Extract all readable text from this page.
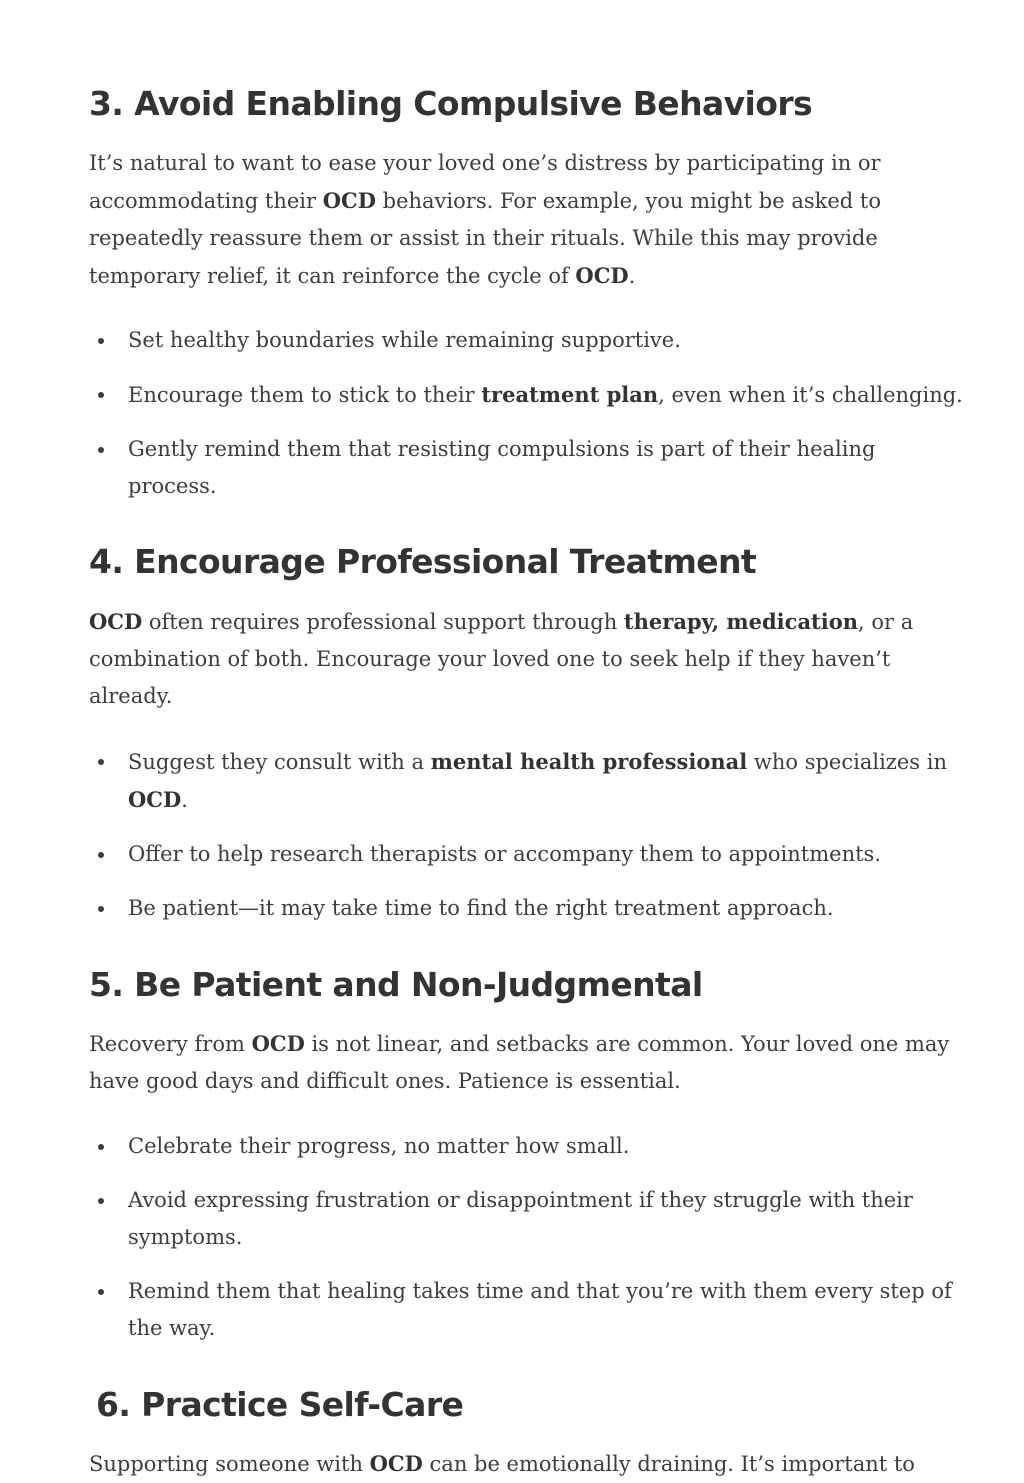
3. Avoid Enabling Compulsive Behaviors

It’s natural to want to ease your loved one’s distress by participating in or accommodating their OCD behaviors. For example, you might be asked to repeatedly reassure them or assist in their rituals. While this may provide temporary relief, it can reinforce the cycle of OCD.

Set healthy boundaries while remaining supportive.
Encourage them to stick to their treatment plan, even when it’s challenging.
Gently remind them that resisting compulsions is part of their healing process.
4. Encourage Professional Treatment

OCD often requires professional support through therapy, medication, or a combination of both. Encourage your loved one to seek help if they haven’t already.

Suggest they consult with a mental health professional who specializes in OCD.
Offer to help research therapists or accompany them to appointments.
Be patient—it may take time to find the right treatment approach.
5. Be Patient and Non-Judgmental

Recovery from OCD is not linear, and setbacks are common. Your loved one may have good days and difficult ones. Patience is essential.

Celebrate their progress, no matter how small.
Avoid expressing frustration or disappointment if they struggle with their symptoms.
Remind them that healing takes time and that you’re with them every step of the way.
6. Practice Self-Care

Supporting someone with OCD can be emotionally draining. It’s important to
